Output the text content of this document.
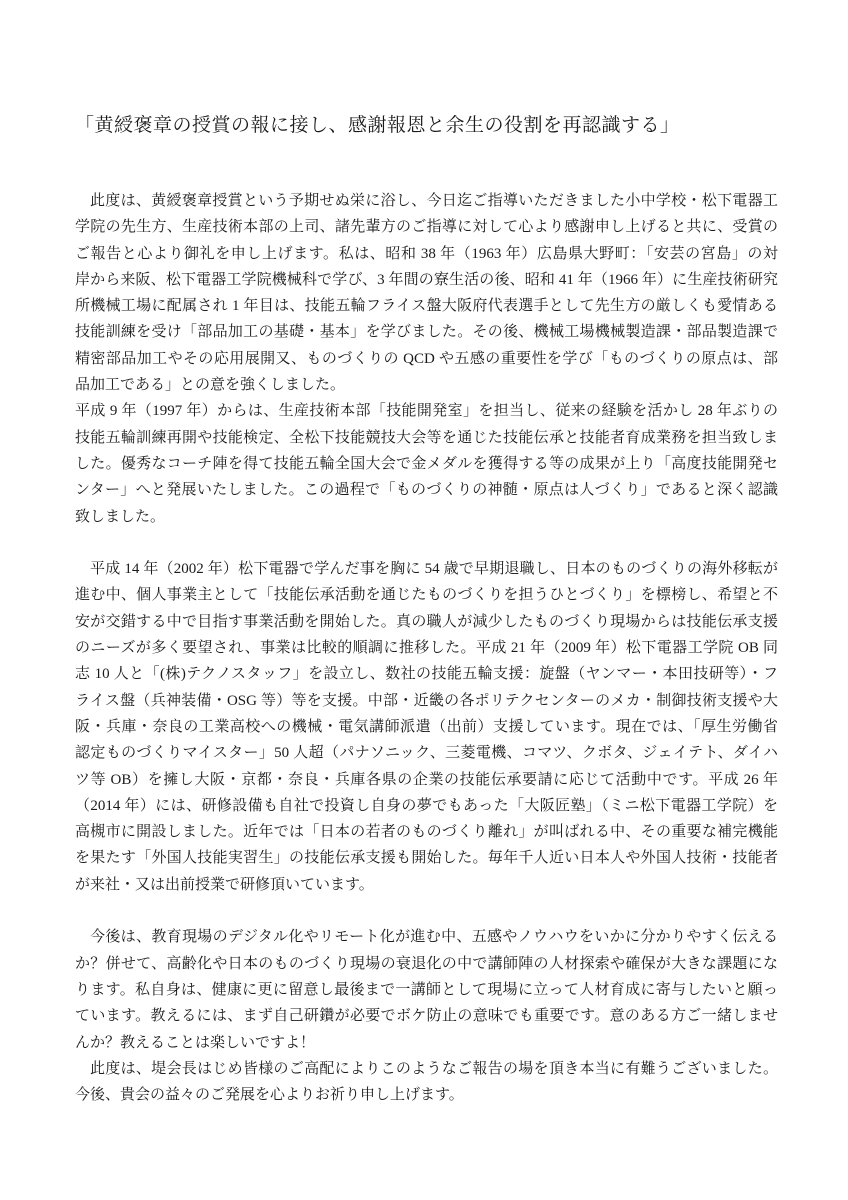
「黄綬褒章の授賞の報に接し、感謝報恩と余生の役割を再認識する」
此度は、黄綬褒章授賞という予期せぬ栄に浴し、今日迄ご指導いただきました小中学校・松下電器工
学院の先生方、生産技術本部の上司、諸先輩方のご指導に対して心より感謝申し上げると共に、受賞の
ご報告と心より御礼を申し上げます。私は、昭和 38 年（1963 年）広島県大野町：「安芸の宮島」の対
岸から来阪、松下電器工学院機械科で学び、3 年間の寮生活の後、昭和 41 年（1966 年）に生産技術研究
所機械工場に配属され 1 年目は、技能五輪フライス盤大阪府代表選手として先生方の厳しくも愛情ある
技能訓練を受け「部品加工の基礎・基本」を学びました。その後、機械工場機械製造課・部品製造課で
精密部品加工やその応用展開又、ものづくりの QCD や五感の重要性を学び「ものづくりの原点は、部
品加工である」との意を強くしました。
平成 9 年（1997 年）からは、生産技術本部「技能開発室」を担当し、従来の経験を活かし 28 年ぶりの
技能五輪訓練再開や技能検定、全松下技能競技大会等を通じた技能伝承と技能者育成業務を担当致しま
した。優秀なコーチ陣を得て技能五輪全国大会で金メダルを獲得する等の成果が上り「高度技能開発セ
ンター」へと発展いたしました。この過程で「ものづくりの神髄・原点は人づくり」であると深く認識
致しました。
平成 14 年（2002 年）松下電器で学んだ事を胸に 54 歳で早期退職し、日本のものづくりの海外移転が
進む中、個人事業主として「技能伝承活動を通じたものづくりを担うひとづくり」を標榜し、希望と不
安が交錯する中で目指す事業活動を開始した。真の職人が減少したものづくり現場からは技能伝承支援
のニーズが多く要望され、事業は比較的順調に推移した。平成 21 年（2009 年）松下電器工学院 OB 同
志 10 人と「(株)テクノスタッフ」を設立し、数社の技能五輪支援：旋盤（ヤンマー・本田技研等）・フ
ライス盤（兵神装備・OSG 等）等を支援。中部・近畿の各ポリテクセンターのメカ・制御技術支援や大
阪・兵庫・奈良の工業高校への機械・電気講師派遣（出前）支援しています。現在では、「厚生労働省
認定ものづくりマイスター」50 人超（パナソニック、三菱電機、コマツ、クボタ、ジェイテト、ダイハ
ツ等 OB）を擁し大阪・京都・奈良・兵庫各県の企業の技能伝承要請に応じて活動中です。平成 26 年
（2014 年）には、研修設備も自社で投資し自身の夢でもあった「大阪匠塾」（ミニ松下電器工学院）を
高槻市に開設しました。近年では「日本の若者のものづくり離れ」が叫ばれる中、その重要な補完機能
を果たす「外国人技能実習生」の技能伝承支援も開始した。毎年千人近い日本人や外国人技術・技能者
が来社・又は出前授業で研修頂いています。
今後は、教育現場のデジタル化やリモート化が進む中、五感やノウハウをいかに分かりやすく伝える
か？併せて、高齢化や日本のものづくり現場の衰退化の中で講師陣の人材探索や確保が大きな課題にな
ります。私自身は、健康に更に留意し最後まで一講師として現場に立って人材育成に寄与したいと願っ
ています。教えるには、まず自己研鑽が必要でボケ防止の意味でも重要です。意のある方ご一緒しませ
んか？教えることは楽しいですよ！
此度は、堤会長はじめ皆様のご高配によりこのようなご報告の場を頂き本当に有難うございました。
今後、貴会の益々のご発展を心よりお祈り申し上げます。
